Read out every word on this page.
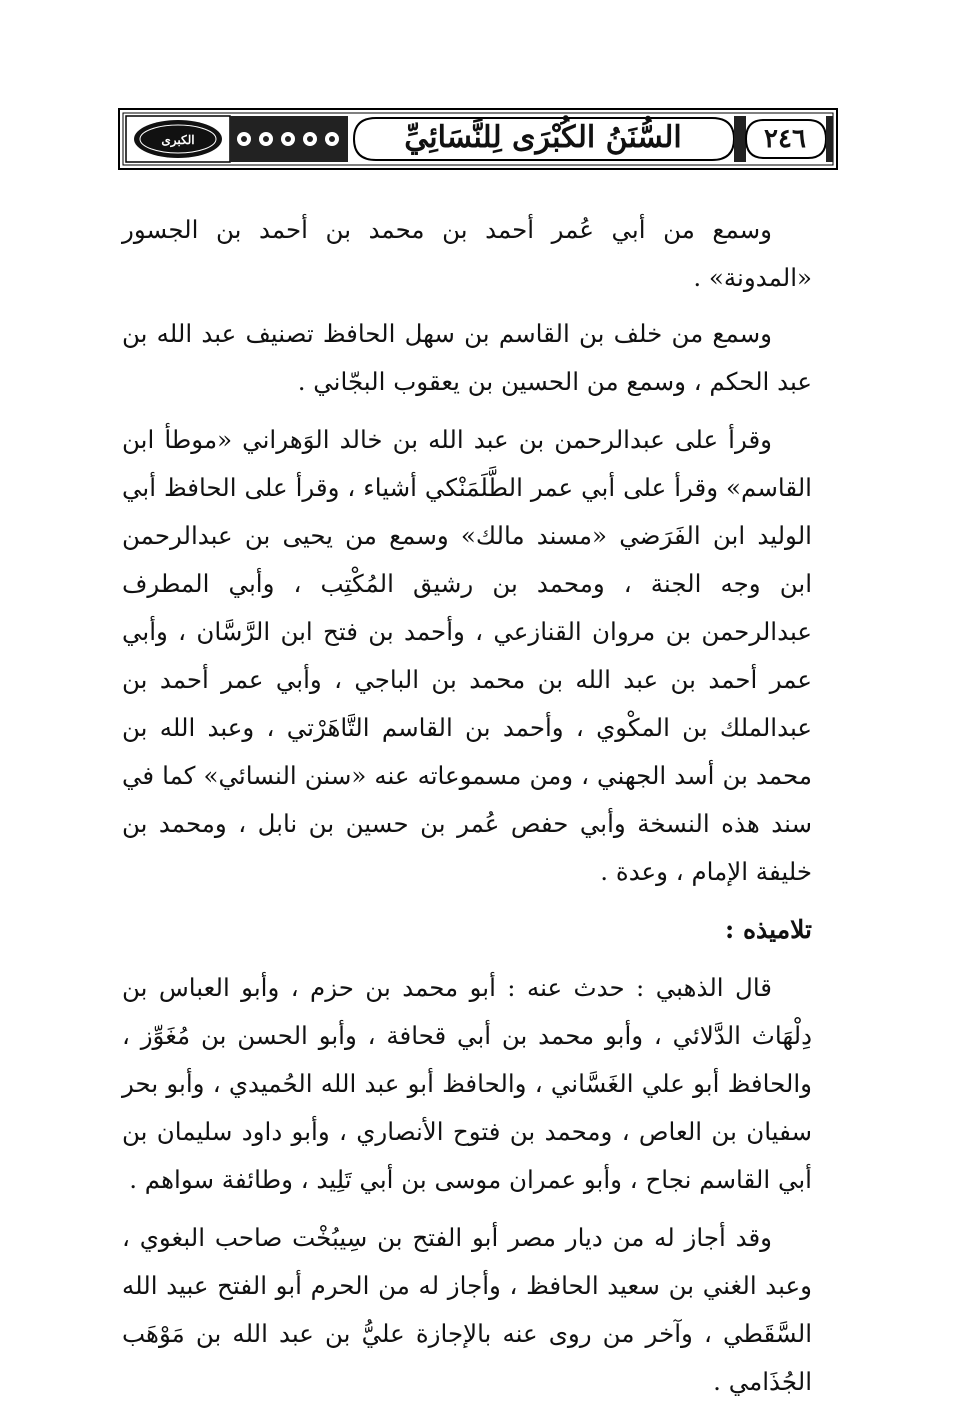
الكبرى	السُّنَنُ الكُبْرَى لِلنَّسَائِيِّ	٢٤٦

وسمع من أبي عُمر أحمد بن محمد بن أحمد بن الجسور «المدونة» .

وسمع من خلف بن القاسم بن سهل الحافظ تصنيف عبد الله بن عبد الحكم ، وسمع من الحسين بن يعقوب البجّاني .

وقرأ على عبدالرحمن بن عبد الله بن خالد الوَهراني «موطأ ابن القاسم» وقرأ على أبي عمر الطَّلَمَنْكي أشياء ، وقرأ على الحافظ أبي الوليد ابن الفَرَضي «مسند مالك» وسمع من يحيى بن عبدالرحمن ابن وجه الجنة ، ومحمد بن رشيق المُكْتِب ، وأبي المطرف عبدالرحمن بن مروان القنازعي ، وأحمد بن فتح ابن الرَّسَّان ، وأبي عمر أحمد بن عبد الله بن محمد بن الباجي ، وأبي عمر أحمد بن عبدالملك بن المكْوي ، وأحمد بن القاسم التَّاهَرْتي ، وعبد الله بن محمد بن أسد الجهني ، ومن مسموعاته عنه «سنن النسائي» كما في سند هذه النسخة وأبي حفص عُمر بن حسين بن نابل ، ومحمد بن خليفة الإمام ، وعدة .

تلاميذه :

قال الذهبي : حدث عنه : أبو محمد بن حزم ، وأبو العباس بن دِلْهَاث الدَّلائي ، وأبو محمد بن أبي قحافة ، وأبو الحسن بن مُغَوِّز ، والحافظ أبو علي الغَسَّاني ، والحافظ أبو عبد الله الحُميدي ، وأبو بحر سفيان بن العاص ، ومحمد بن فتوح الأنصاري ، وأبو داود سليمان بن أبي القاسم نجاح ، وأبو عمران موسى بن أبي تَلِيد ، وطائفة سواهم .

وقد أجاز له من ديار مصر أبو الفتح بن سِيبُخْت صاحب البغوي ، وعبد الغني بن سعيد الحافظ ، وأجاز له من الحرم أبو الفتح عبيد الله السَّقَطي ، وآخر من روى عنه بالإجازة عليُّ بن عبد الله بن مَوْهَب الجُذَامي .
